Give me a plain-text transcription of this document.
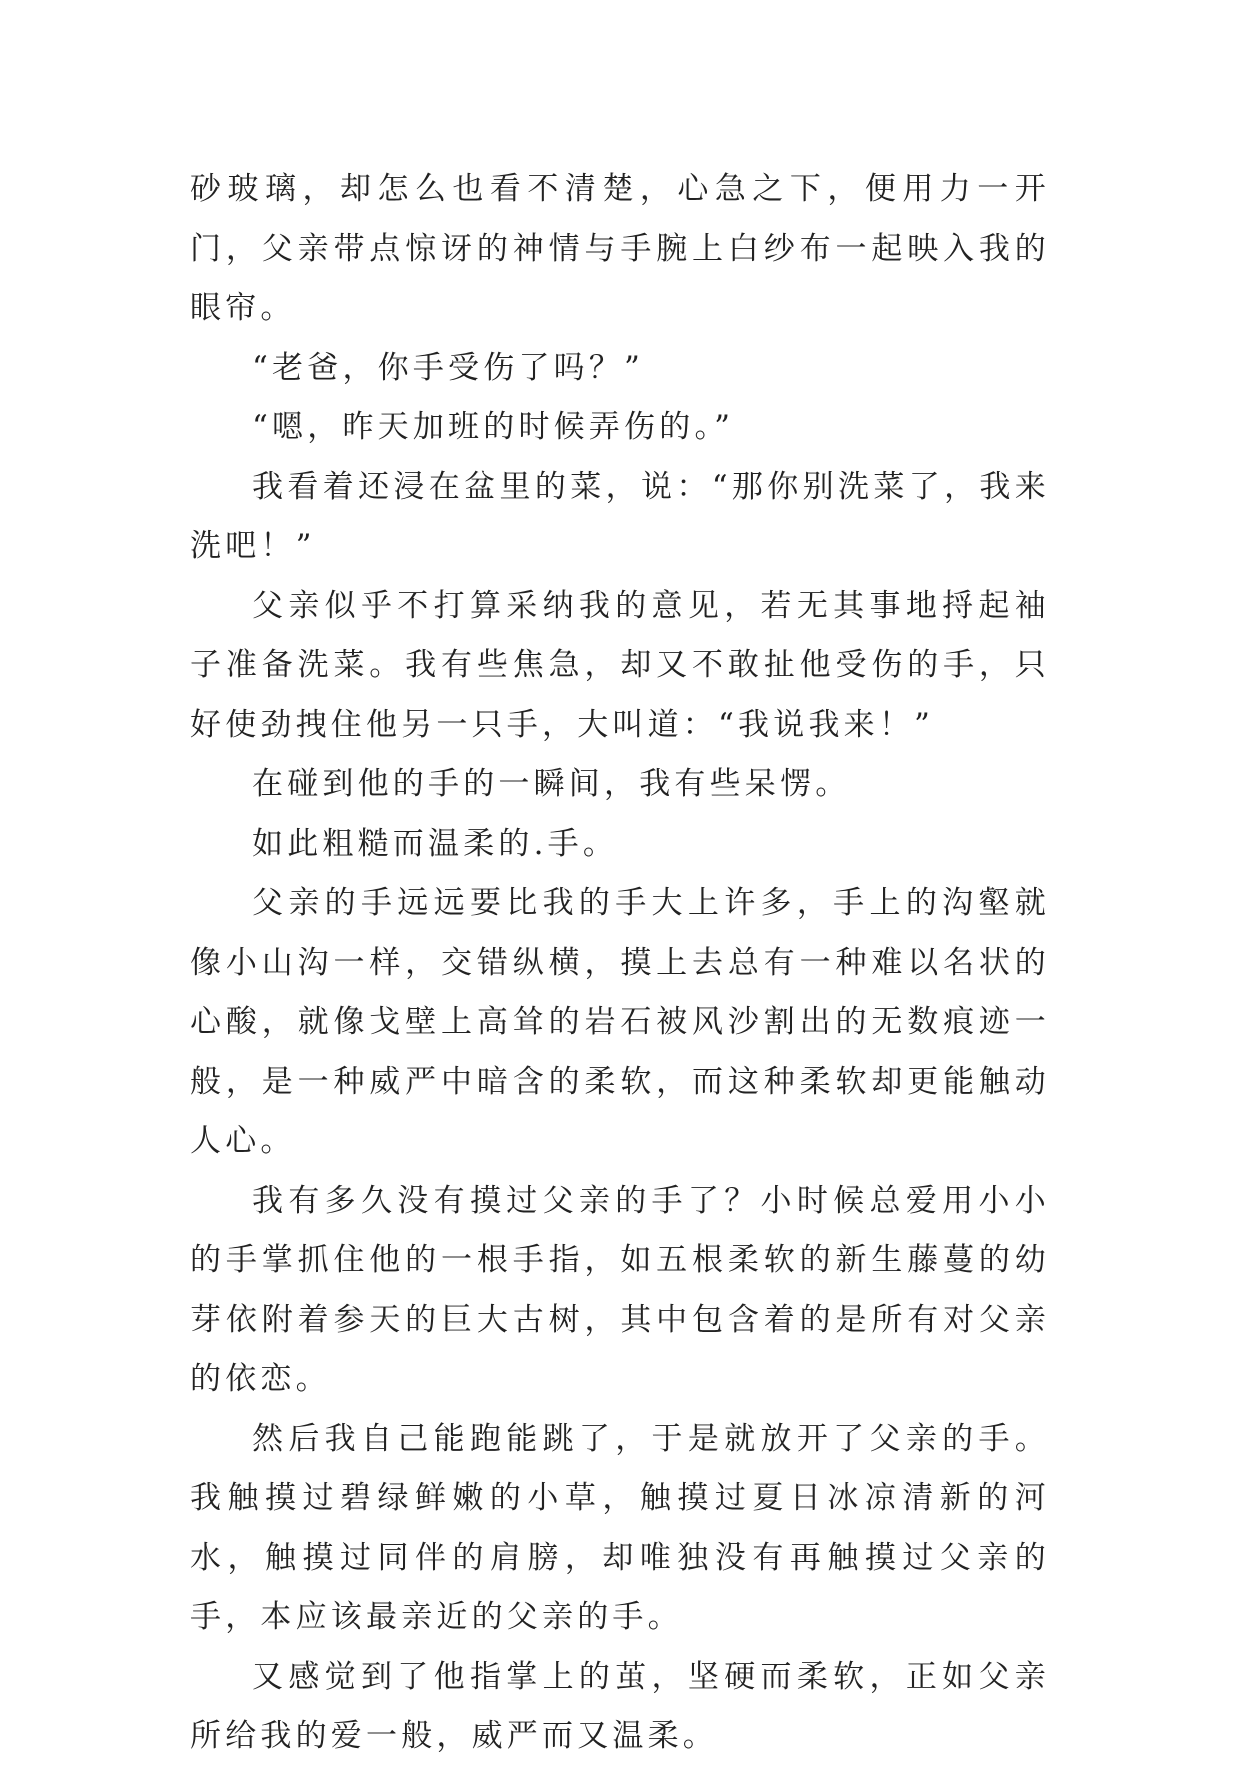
砂玻璃，却怎么也看不清楚，心急之下，便用力一开门，父亲带点惊讶的神情与手腕上白纱布一起映入我的眼帘。

“老爸，你手受伤了吗？”

“嗯，昨天加班的时候弄伤的。”

我看着还浸在盆里的菜，说：“那你别洗菜了，我来洗吧！”

父亲似乎不打算采纳我的意见，若无其事地捋起袖子准备洗菜。我有些焦急，却又不敢扯他受伤的手，只好使劲拽住他另一只手，大叫道：“我说我来！”

在碰到他的手的一瞬间，我有些呆愣。

如此粗糙而温柔的.手。

父亲的手远远要比我的手大上许多，手上的沟壑就像小山沟一样，交错纵横，摸上去总有一种难以名状的心酸，就像戈壁上高耸的岩石被风沙割出的无数痕迹一般，是一种威严中暗含的柔软，而这种柔软却更能触动人心。

我有多久没有摸过父亲的手了？小时候总爱用小小的手掌抓住他的一根手指，如五根柔软的新生藤蔓的幼芽依附着参天的巨大古树，其中包含着的是所有对父亲的依恋。

然后我自己能跑能跳了，于是就放开了父亲的手。我触摸过碧绿鲜嫩的小草，触摸过夏日冰凉清新的河水，触摸过同伴的肩膀，却唯独没有再触摸过父亲的手，本应该最亲近的父亲的手。

又感觉到了他指掌上的茧，坚硬而柔软，正如父亲所给我的爱一般，威严而又温柔。
